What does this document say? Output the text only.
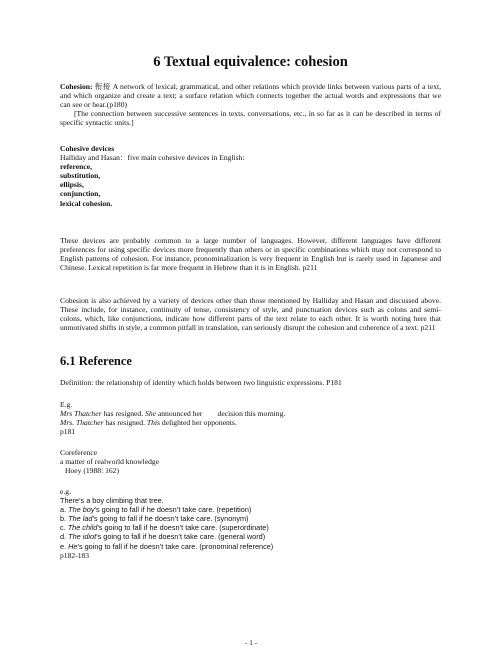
6 Textual equivalence: cohesion

Cohesion: 衔接 A network of lexical, grammatical, and other relations which provide links between various parts of a text, and which organize and create a text; a surface relation which connects together the actual words and expressions that we can see or hear.(p180)

[The connection between successive sentences in texts, conversations, etc., in so far as it can be described in terms of specific syntactic units.]

Cohesive devices
Halliday and Hasan：five main cohesive devices in English:
reference,
substitution,
ellipsis,
conjunction,
lexical cohesion.

These devices are probably common to a large number of languages. However, different languages have different preferences for using specific devices more frequently than others or in specific combinations which may not correspond to English patterns of cohesion. For instance, pronominalization is very frequent in English but is rarely used in Japanese and Chinese. Lexical repetition is far more frequent in Hebrew than it is in English. p211

Cohesion is also achieved by a variety of devices other than those mentioned by Halliday and Hasan and discussed above. These include, for instance, continuity of tense, consistency of style, and punctuation devices such as colons and semi-colons, which, like conjunctions, indicate how different parts of the text relate to each other. It is worth noting here that unmotivated shifts in style, a common pitfall in translation, can seriously disrupt the cohesion and coherence of a text. p211

6.1 Reference
Definition: the relationship of identity which holds between two linguistic expressions. P181
E.g.
Mrs Thatcher has resigned. She announced her        decision this morning.
Mrs. Thatcher has resigned. This delighted her opponents.
p181
Coreference
a matter of realworld knowledge
Hoey (1988: 162)
e.g.
There’s a boy climbing that tree.
a. The boy’s going to fall if he doesn’t take care. (repetition)
b. The lad’s going to fall if he doesn’t take care. (synonym)
c. The child’s going to fall if he doesn’t take care. (superordinate)
d. The idiot’s going to fall if he doesn’t take care. (general word)
e. He’s going to fall if he doesn’t take care. (pronominal reference)
p182-183
- 1 -
